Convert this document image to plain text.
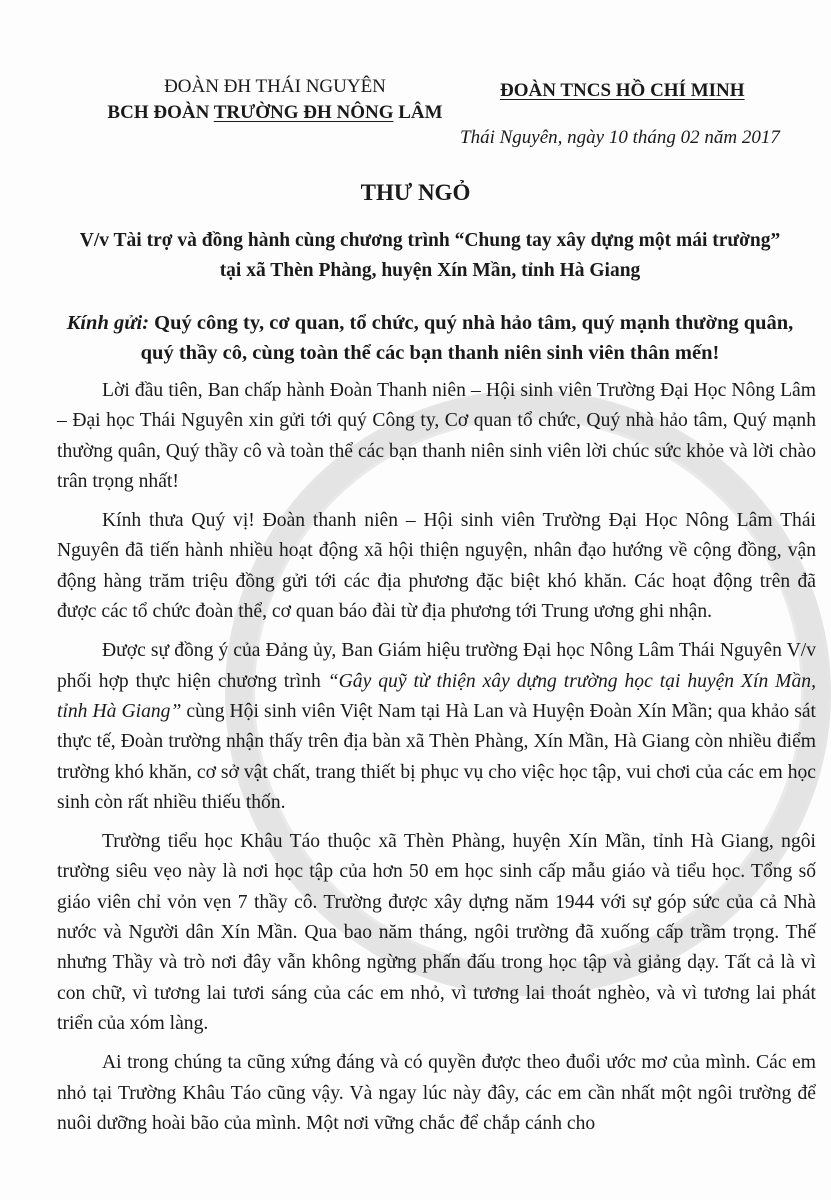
ĐOÀN ĐH THÁI NGUYÊN
BCH ĐOÀN TRƯỜNG ĐH NÔNG LÂM
ĐOÀN TNCS HỒ CHÍ MINH
Thái Nguyên, ngày 10 tháng 02 năm 2017
THƯ NGỎ
V/v Tài trợ và đồng hành cùng chương trình “Chung tay xây dựng một mái trường”
tại xã Thèn Phàng, huyện Xín Mần, tỉnh Hà Giang
Kính gửi: Quý công ty, cơ quan, tổ chức, quý nhà hảo tâm, quý mạnh thường quân,
quý thầy cô, cùng toàn thể các bạn thanh niên sinh viên thân mến!

Lời đầu tiên, Ban chấp hành Đoàn Thanh niên – Hội sinh viên Trường Đại Học Nông Lâm – Đại học Thái Nguyên xin gửi tới quý Công ty, Cơ quan tổ chức, Quý nhà hảo tâm, Quý mạnh thường quân, Quý thầy cô và toàn thể các bạn thanh niên sinh viên lời chúc sức khỏe và lời chào trân trọng nhất!

Kính thưa Quý vị! Đoàn thanh niên – Hội sinh viên Trường Đại Học Nông Lâm Thái Nguyên đã tiến hành nhiều hoạt động xã hội thiện nguyện, nhân đạo hướng về cộng đồng, vận động hàng trăm triệu đồng gửi tới các địa phương đặc biệt khó khăn. Các hoạt động trên đã được các tổ chức đoàn thể, cơ quan báo đài từ địa phương tới Trung ương ghi nhận.

Được sự đồng ý của Đảng ủy, Ban Giám hiệu trường Đại học Nông Lâm Thái Nguyên V/v phối hợp thực hiện chương trình “Gây quỹ từ thiện xây dựng trường học tại huyện Xín Mần, tỉnh Hà Giang” cùng Hội sinh viên Việt Nam tại Hà Lan và Huyện Đoàn Xín Mần; qua khảo sát thực tế, Đoàn trường nhận thấy trên địa bàn xã Thèn Phàng, Xín Mần, Hà Giang còn nhiều điểm trường khó khăn, cơ sở vật chất, trang thiết bị phục vụ cho việc học tập, vui chơi của các em học sinh còn rất nhiều thiếu thốn.

Trường tiểu học Khâu Táo thuộc xã Thèn Phàng, huyện Xín Mần, tỉnh Hà Giang, ngôi trường siêu vẹo này là nơi học tập của hơn 50 em học sinh cấp mẫu giáo và tiểu học. Tổng số giáo viên chỉ vỏn vẹn 7 thầy cô. Trường được xây dựng năm 1944 với sự góp sức của cả Nhà nước và Người dân Xín Mần. Qua bao năm tháng, ngôi trường đã xuống cấp trầm trọng. Thế nhưng Thầy và trò nơi đây vẫn không ngừng phấn đấu trong học tập và giảng dạy. Tất cả là vì con chữ, vì tương lai tươi sáng của các em nhỏ, vì tương lai thoát nghèo, và vì tương lai phát triển của xóm làng.

Ai trong chúng ta cũng xứng đáng và có quyền được theo đuổi ước mơ của mình. Các em nhỏ tại Trường Khâu Táo cũng vậy. Và ngay lúc này đây, các em cần nhất một ngôi trường để nuôi dưỡng hoài bão của mình. Một nơi vững chắc để chắp cánh cho
